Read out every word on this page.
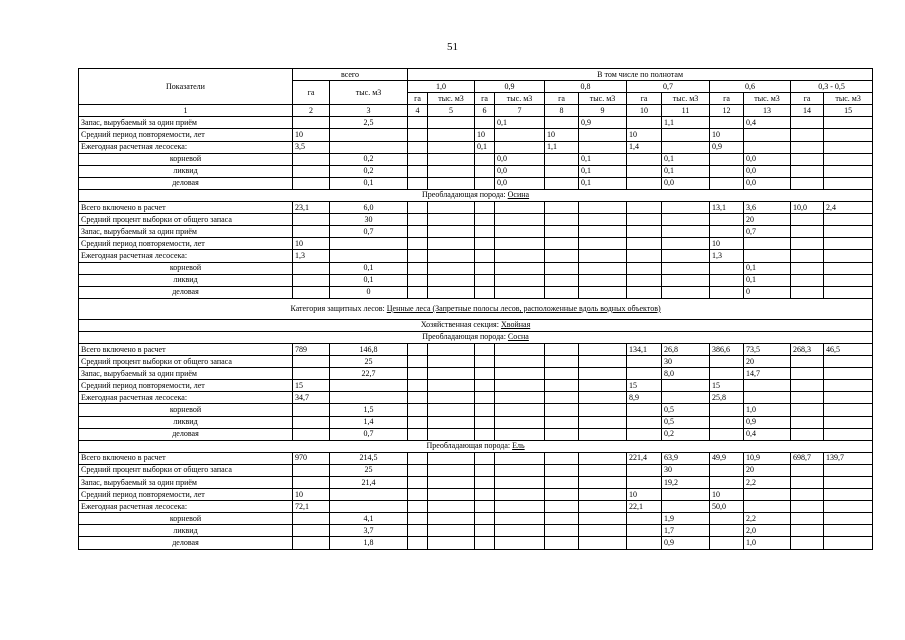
51
Показатели	всего		В том числе по полнотам											
	га	тыс. м3	1,0		0,9		0,8		0,7		0,6		0,3 - 0,5	
			га	тыс. м3	га	тыс. м3	га	тыс. м3	га	тыс. м3	га	тыс. м3	га	тыс. м3
1	2	3	4	5	6	7	8	9	10	11	12	13	14	15
Запас, вырубаемый за один приём		2,5				0,1		0,9		1,1		0,4		
Средний период повторяемости, лет	10				10		10		10		10			
Ежегодная расчетная лесосека:	3,5				0,1		1,1		1,4		0,9			
корневой		0,2				0,0		0,1		0,1		0,0		
ликвид		0,2				0,0		0,1		0,1		0,0		
деловая		0,1				0,0		0,1		0,0		0,0		
Преобладающая порода: Осина														
Всего включено в расчет	23,1	6,0									13,1	3,6	10,0	2,4
Средний процент выборки от общего запаса		30										20		
Запас, вырубаемый за один приём		0,7										0,7		
Средний период повторяемости, лет	10										10			
Ежегодная расчетная лесосека:	1,3										1,3			
корневой		0,1										0,1		
ликвид		0,1										0,1		
деловая		0										0		
Категория защитных лесов: Ценные леса (Запретные полосы лесов, расположенные вдоль водных объектов)														
Хозяйственная секция: Хвойная														
Преобладающая порода: Сосна														
Всего включено в расчет	789	146,8							134,1	26,8	386,6	73,5	268,3	46,5
Средний процент выборки от общего запаса		25								30		20		
Запас, вырубаемый за один приём		22,7								8,0		14,7		
Средний период повторяемости, лет	15								15		15			
Ежегодная расчетная лесосека:	34,7								8,9		25,8			
корневой		1,5								0,5		1,0		
ликвид		1,4								0,5		0,9		
деловая		0,7								0,2		0,4		
Преобладающая порода: Ель														
Всего включено в расчет	970	214,5							221,4	63,9	49,9	10,9	698,7	139,7
Средний процент выборки от общего запаса		25								30		20		
Запас, вырубаемый за один приём		21,4								19,2		2,2		
Средний период повторяемости, лет	10								10		10			
Ежегодная расчетная лесосека:	72,1								22,1		50,0			
корневой		4,1								1,9		2,2		
ликвид		3,7								1,7		2,0		
деловая		1,8								0,9		1,0		
